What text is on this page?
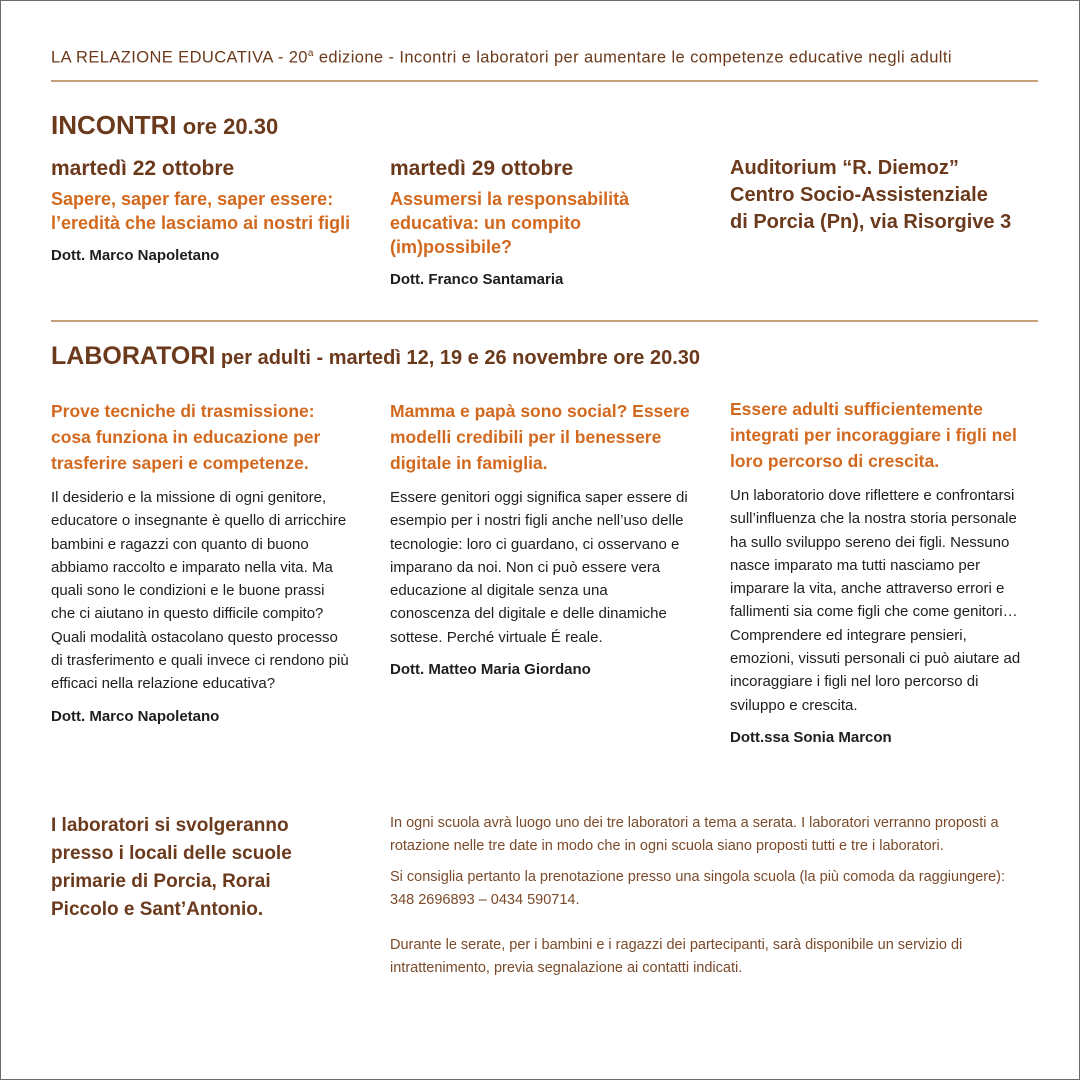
LA RELAZIONE EDUCATIVA - 20$^a$ edizione - Incontri e laboratori per aumentare le competenze educative negli adulti
INCONTRI ore 20.30
martedì 22 ottobre
Sapere, saper fare, saper essere: l’eredità che lasciamo ai nostri figli
Dott. Marco Napoletano
martedì 29 ottobre
Assumersi la responsabilità educativa: un compito (im)possibile?
Dott. Franco Santamaria
Auditorium “R. Diemoz”
Centro Socio-Assistenziale
di Porcia (Pn), via Risorgive 3
LABORATORI per adulti - martedì 12, 19 e 26 novembre ore 20.30
Prove tecniche di trasmissione: cosa funziona in educazione per trasferire saperi e competenze.
Il desiderio e la missione di ogni genitore, educatore o insegnante è quello di arricchire bambini e ragazzi con quanto di buono abbiamo raccolto e imparato nella vita. Ma quali sono le condizioni e le buone prassi che ci aiutano in questo difficile compito?
Quali modalità ostacolano questo processo di trasferimento e quali invece ci rendono più efficaci nella relazione educativa?
Dott. Marco Napoletano
Mamma e papà sono social? Essere modelli credibili per il benessere digitale in famiglia.
Essere genitori oggi significa saper essere di esempio per i nostri figli anche nell’uso delle tecnologie: loro ci guardano, ci osservano e imparano da noi. Non ci può essere vera educazione al digitale senza una conoscenza del digitale e delle dinamiche sottese. Perché virtuale É reale.
Dott. Matteo Maria Giordano
Essere adulti sufficientemente integrati per incoraggiare i figli nel loro percorso di crescita.
Un laboratorio dove riflettere e confrontarsi sull’influenza che la nostra storia personale ha sullo sviluppo sereno dei figli. Nessuno nasce imparato ma tutti nasciamo per imparare la vita, anche attraverso errori e fallimenti sia come figli che come genitori… Comprendere ed integrare pensieri, emozioni, vissuti personali ci può aiutare ad incoraggiare i figli nel loro percorso di sviluppo e crescita.
Dott.ssa Sonia Marcon
I laboratori si svolgeranno presso i locali delle scuole primarie di Porcia, Rorai Piccolo e Sant’Antonio.

In ogni scuola avrà luogo uno dei tre laboratori a tema a serata. I laboratori verranno proposti a rotazione nelle tre date in modo che in ogni scuola siano proposti tutti e tre i laboratori.

Si consiglia pertanto la prenotazione presso una singola scuola (la più comoda da raggiungere): 348 2696893 – 0434 590714.

Durante le serate, per i bambini e i ragazzi dei partecipanti, sarà disponibile un servizio di intrattenimento, previa segnalazione ai contatti indicati.
